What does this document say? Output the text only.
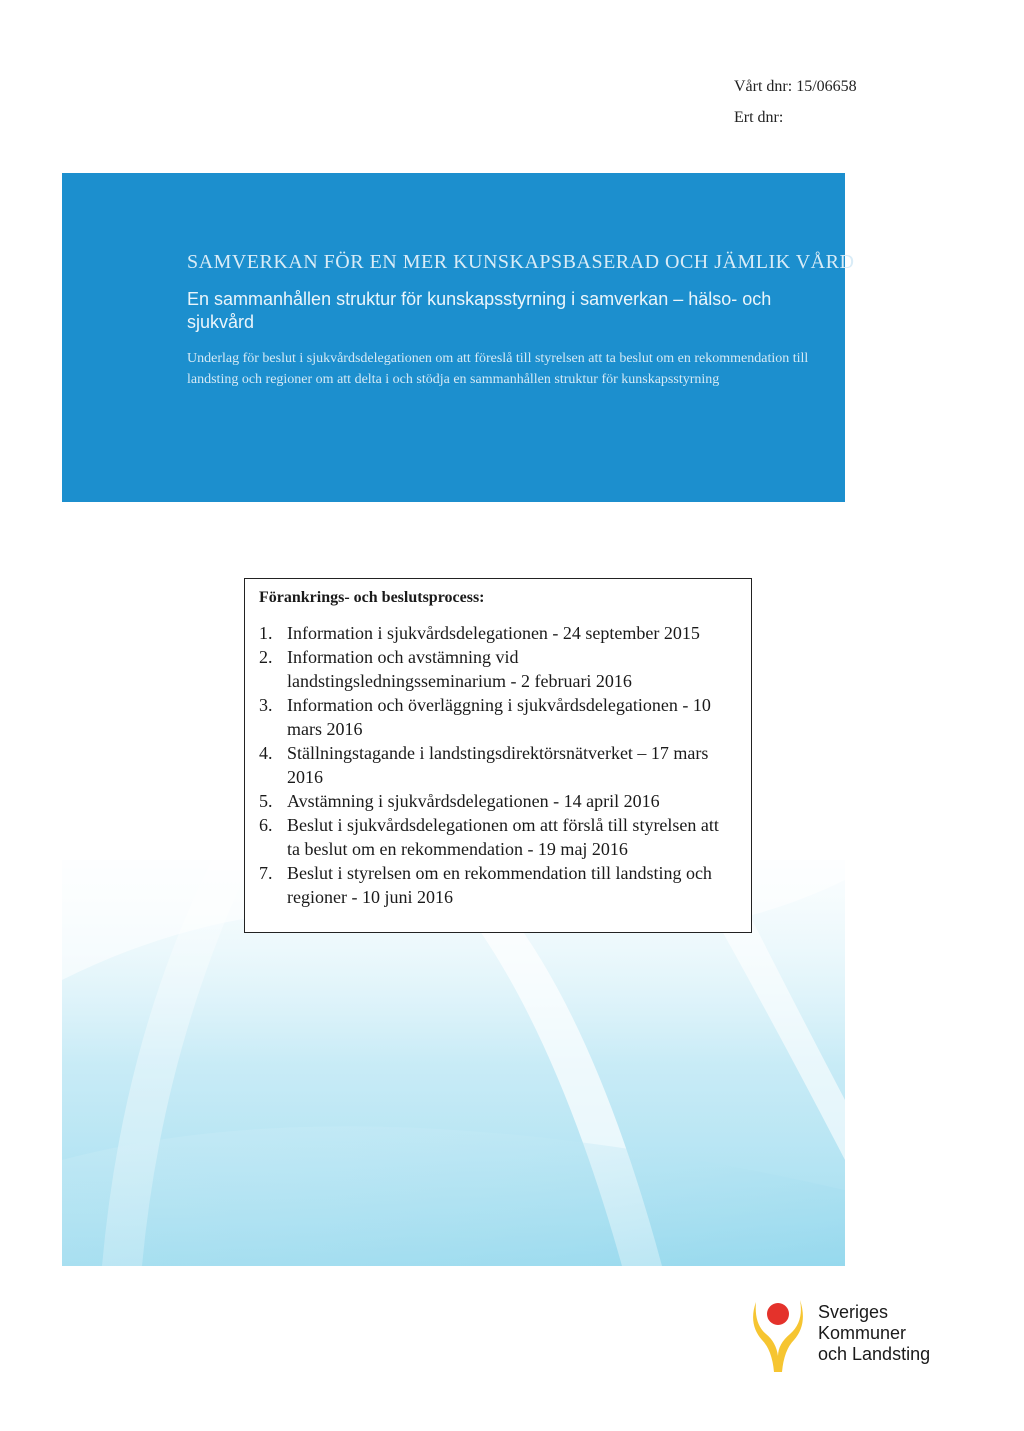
Vårt dnr: 15/06658
Ert dnr:

SAMVERKAN FÖR EN MER KUNSKAPSBASERAD OCH JÄMLIK VÅRD

En sammanhållen struktur för kunskapsstyrning i samverkan – hälso- och sjukvård

Underlag för beslut i sjukvårdsdelegationen om att föreslå till styrelsen att ta beslut om en rekommendation till landsting och regioner om att delta i och stödja en sammanhållen struktur för kunskapsstyrning

Förankrings- och beslutsprocess:

1. Information i sjukvårdsdelegationen - 24 september 2015
2. Information och avstämning vid landstingsledningsseminarium - 2 februari 2016
3. Information och överläggning i sjukvårdsdelegationen - 10 mars 2016
4. Ställningstagande i landstingsdirektörsnätverket – 17 mars 2016
5. Avstämning i sjukvårdsdelegationen - 14 april 2016
6. Beslut i sjukvårdsdelegationen om att förslå till styrelsen att ta beslut om en rekommendation - 19 maj 2016
7. Beslut i styrelsen om en rekommendation till landsting och regioner - 10 juni 2016
Sveriges
Kommuner
och Landsting
